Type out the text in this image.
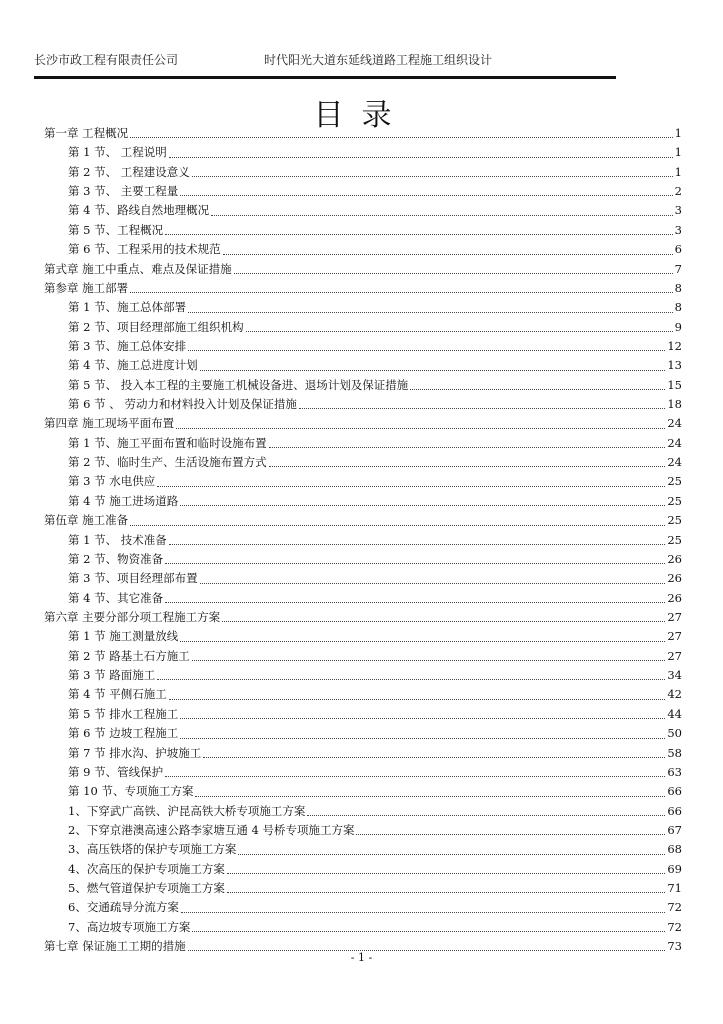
长沙市政工程有限责任公司	时代阳光大道东延线道路工程施工组织设计
目录
第一章 工程概况	1
第 1 节、 工程说明	1
第 2 节、 工程建设意义	1
第 3 节、 主要工程量	2
第 4 节、路线自然地理概况	3
第 5 节、工程概况	3
第 6 节、工程采用的技术规范	6
第式章 施工中重点、难点及保证措施	7
第参章 施工部署	8
第 1 节、施工总体部署	8
第 2 节、项目经理部施工组织机构	9
第 3 节、施工总体安排	12
第 4 节、施工总进度计划	13
第 5 节、 投入本工程的主要施工机械设备进、退场计划及保证措施	15
第 6 节 、 劳动力和材料投入计划及保证措施	18
第四章 施工现场平面布置	24
第 1 节、施工平面布置和临时设施布置	24
第 2 节、临时生产、生活设施布置方式	24
第 3 节 水电供应	25
第 4 节 施工进场道路	25
第伍章 施工准备	25
第 1 节、 技术准备	25
第 2 节、物资准备	26
第 3 节、项目经理部布置	26
第 4 节、其它准备	26
第六章 主要分部分项工程施工方案	27
第 1 节 施工测量放线	27
第 2 节 路基土石方施工	27
第 3 节 路面施工	34
第 4 节 平侧石施工	42
第 5 节 排水工程施工	44
第 6 节 边坡工程施工	50
第 7 节 排水沟、护坡施工	58
第 9 节、管线保护	63
第 10 节、专项施工方案	66
1、下穿武广高铁、沪昆高铁大桥专项施工方案	66
2、下穿京港澳高速公路李家塘互通 4 号桥专项施工方案	67
3、高压铁塔的保护专项施工方案	68
4、次高压的保护专项施工方案	69
5、燃气管道保护专项施工方案	71
6、交通疏导分流方案	72
7、高边坡专项施工方案	72
第七章 保证施工工期的措施	73
- 1 -
